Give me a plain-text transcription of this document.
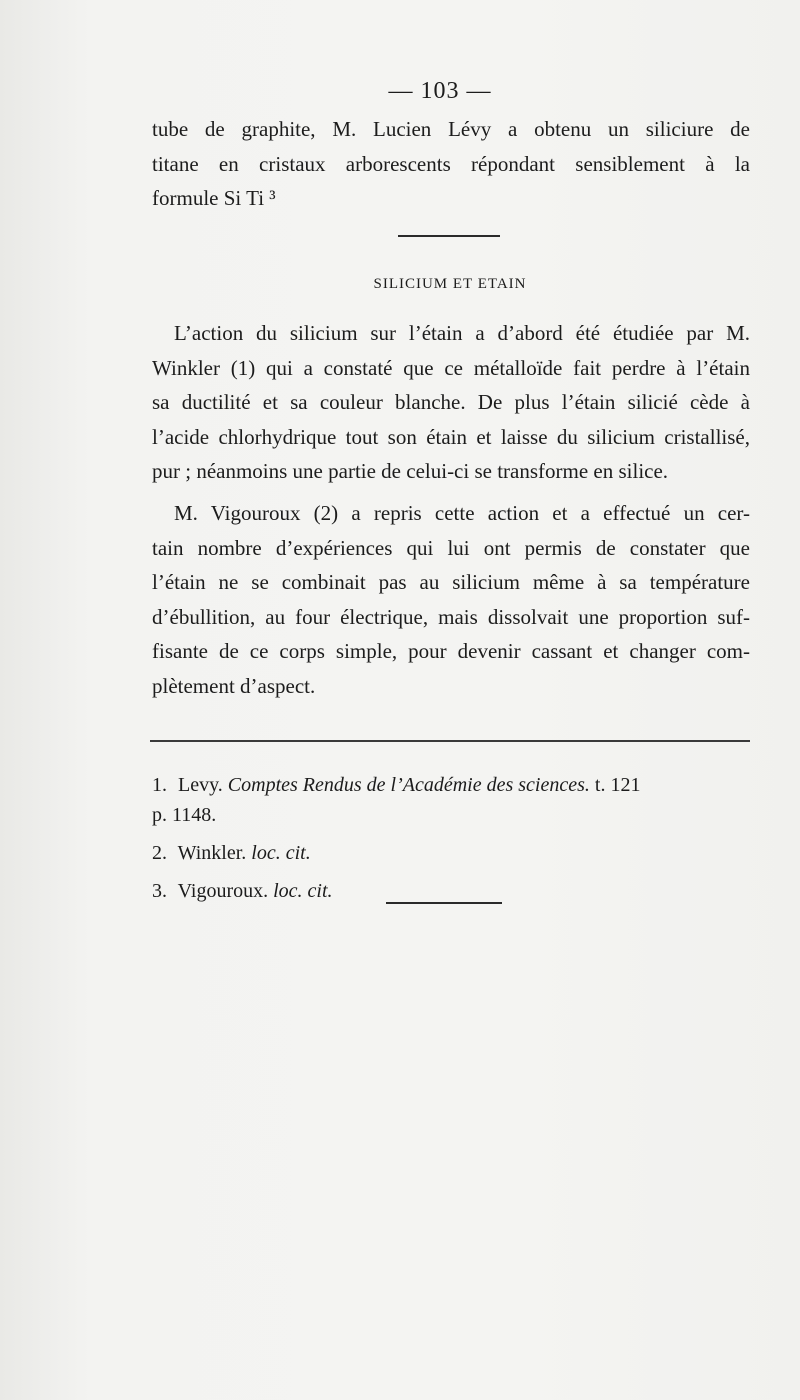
— 103 —

tube de graphite, M. Lucien Lévy a obtenu un siliciure de
titane en cristaux arborescents répondant sensiblement à la
formule Si Ti ³

SILICIUM ET ETAIN

L’action du silicium sur l’étain a d’abord été étudiée par M.
Winkler (1) qui a constaté que ce métalloïde fait perdre à l’étain
sa ductilité et sa couleur blanche. De plus l’étain silicié cède à
l’acide chlorhydrique tout son étain et laisse du silicium cristallisé,
pur ; néanmoins une partie de celui-ci se transforme en silice.

M. Vigouroux (2) a repris cette action et a effectué un cer-
tain nombre d’expériences qui lui ont permis de constater que
l’étain ne se combinait pas au silicium même à sa température
d’ébullition, au four électrique, mais dissolvait une proportion suf-
fisante de ce corps simple, pour devenir cassant et changer com-
plètement d’aspect.

1. Levy. Comptes Rendus de l’Académie des sciences. t. 121
p. 1148.
2. Winkler. loc. cit.
3. Vigouroux. loc. cit.
